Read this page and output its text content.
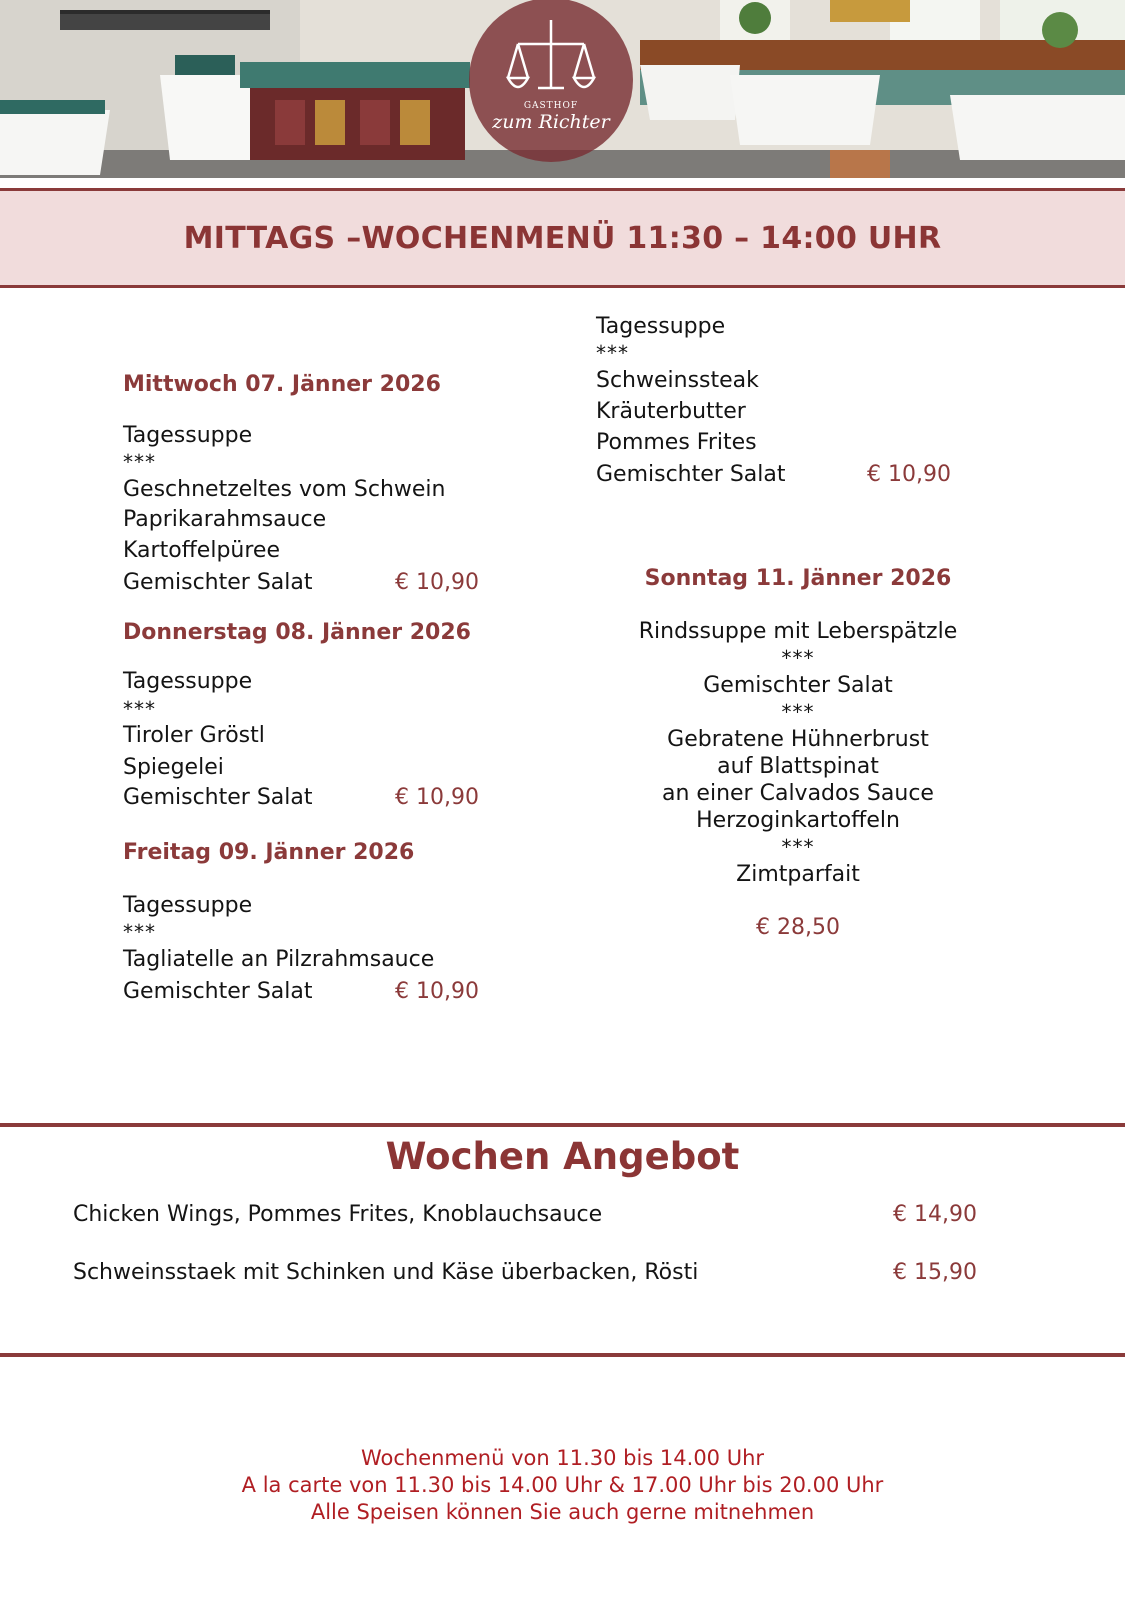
GASTHOF
zum Richter
MITTAGS –WOCHENMENÜ 11:30 – 14:00 UHR
Mittwoch 07. Jänner 2026
Tagessuppe
***
Geschnetzeltes vom Schwein
Paprikarahmsauce
Kartoffelpüree
Gemischter Salat	€ 10,90
Donnerstag 08. Jänner 2026
Tagessuppe
***
Tiroler Gröstl
Spiegelei
Gemischter Salat	€ 10,90
Freitag 09. Jänner 2026
Tagessuppe
***
Tagliatelle an Pilzrahmsauce
Gemischter Salat	€ 10,90
Tagessuppe
***
Schweinssteak
Kräuterbutter
Pommes Frites
Gemischter Salat	€ 10,90
Sonntag 11. Jänner 2026
Rindssuppe mit Leberspätzle
***
Gemischter Salat
***
Gebratene Hühnerbrust
auf Blattspinat
an einer Calvados Sauce
Herzoginkartoffeln
***
Zimtparfait
€ 28,50
Wochen Angebot
Chicken Wings, Pommes Frites, Knoblauchsauce	€ 14,90
Schweinsstaek mit Schinken und Käse überbacken, Rösti	€ 15,90
Wochenmenü von 11.30 bis 14.00 Uhr
A la carte von 11.30 bis 14.00 Uhr & 17.00 Uhr bis 20.00 Uhr
Alle Speisen können Sie auch gerne mitnehmen
